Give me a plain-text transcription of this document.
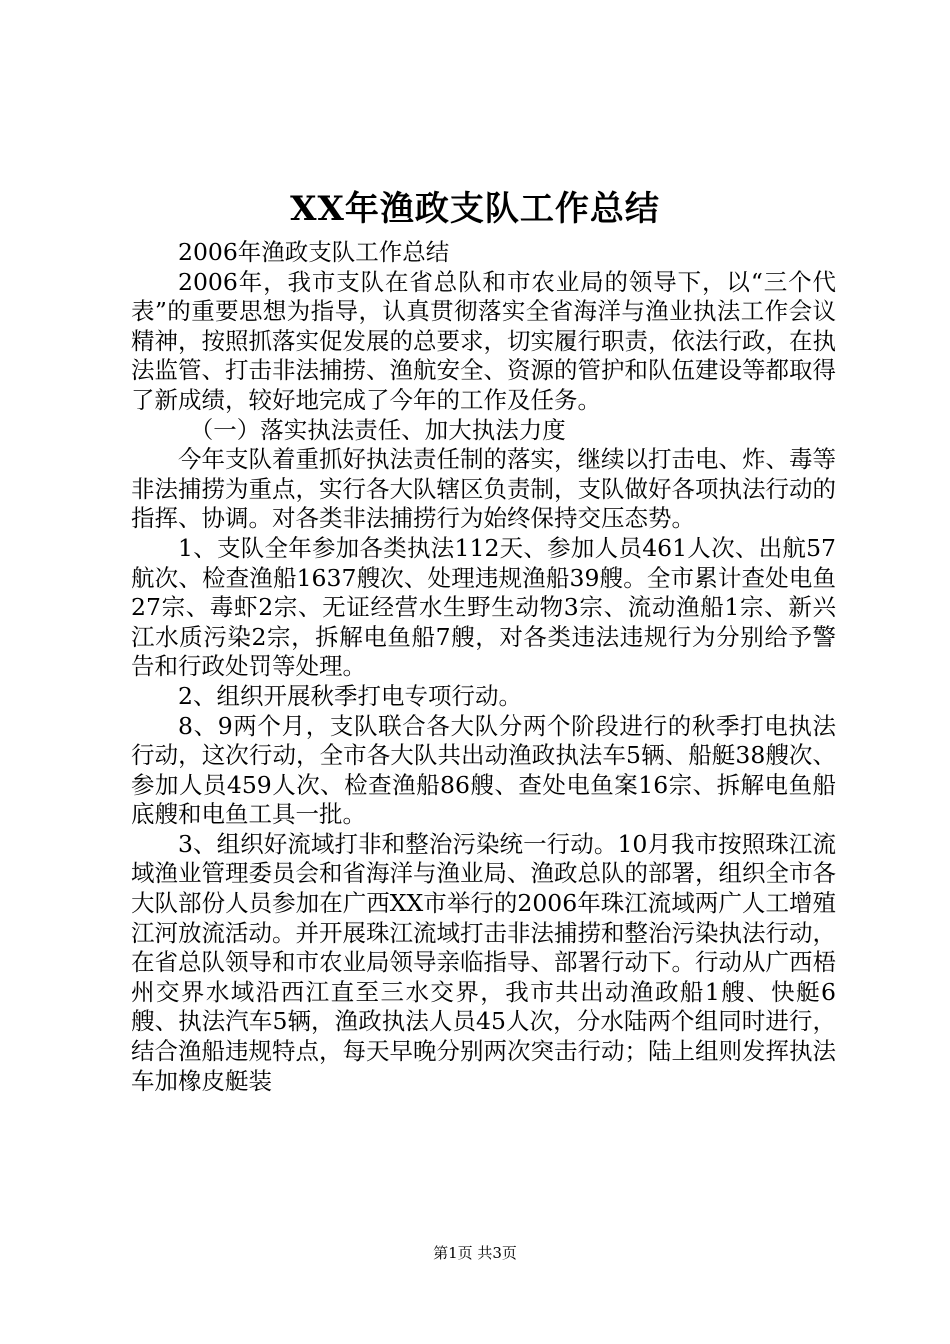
XX年渔政支队工作总结

2006年渔政支队工作总结

2006年，我市支队在省总队和市农业局的领导下，以“三个代表”的重要思想为指导，认真贯彻落实全省海洋与渔业执法工作会议精神，按照抓落实促发展的总要求，切实履行职责，依法行政，在执法监管、打击非法捕捞、渔航安全、资源的管护和队伍建设等都取得了新成绩，较好地完成了今年的工作及任务。

（一）落实执法责任、加大执法力度

今年支队着重抓好执法责任制的落实，继续以打击电、炸、毒等非法捕捞为重点，实行各大队辖区负责制，支队做好各项执法行动的指挥、协调。对各类非法捕捞行为始终保持交压态势。

1、支队全年参加各类执法112天、参加人员461人次、出航57航次、检查渔船1637艘次、处理违规渔船39艘。全市累计查处电鱼27宗、毒虾2宗、无证经营水生野生动物3宗、流动渔船1宗、新兴江水质污染2宗，拆解电鱼船7艘，对各类违法违规行为分别给予警告和行政处罚等处理。

2、组织开展秋季打电专项行动。

8、9两个月，支队联合各大队分两个阶段进行的秋季打电执法行动，这次行动，全市各大队共出动渔政执法车5辆、船艇38艘次、参加人员459人次、检查渔船86艘、查处电鱼案16宗、拆解电鱼船底艘和电鱼工具一批。

3、组织好流域打非和整治污染统一行动。10月我市按照珠江流域渔业管理委员会和省海洋与渔业局、渔政总队的部署，组织全市各大队部份人员参加在广西XX市举行的2006年珠江流域两广人工增殖江河放流活动。并开展珠江流域打击非法捕捞和整治污染执法行动，在省总队领导和市农业局领导亲临指导、部署行动下。行动从广西梧州交界水域沿西江直至三水交界，我市共出动渔政船1艘、快艇6艘、执法汽车5辆，渔政执法人员45人次，分水陆两个组同时进行，结合渔船违规特点，每天早晚分别两次突击行动；陆上组则发挥执法车加橡皮艇装

第1页 共3页
